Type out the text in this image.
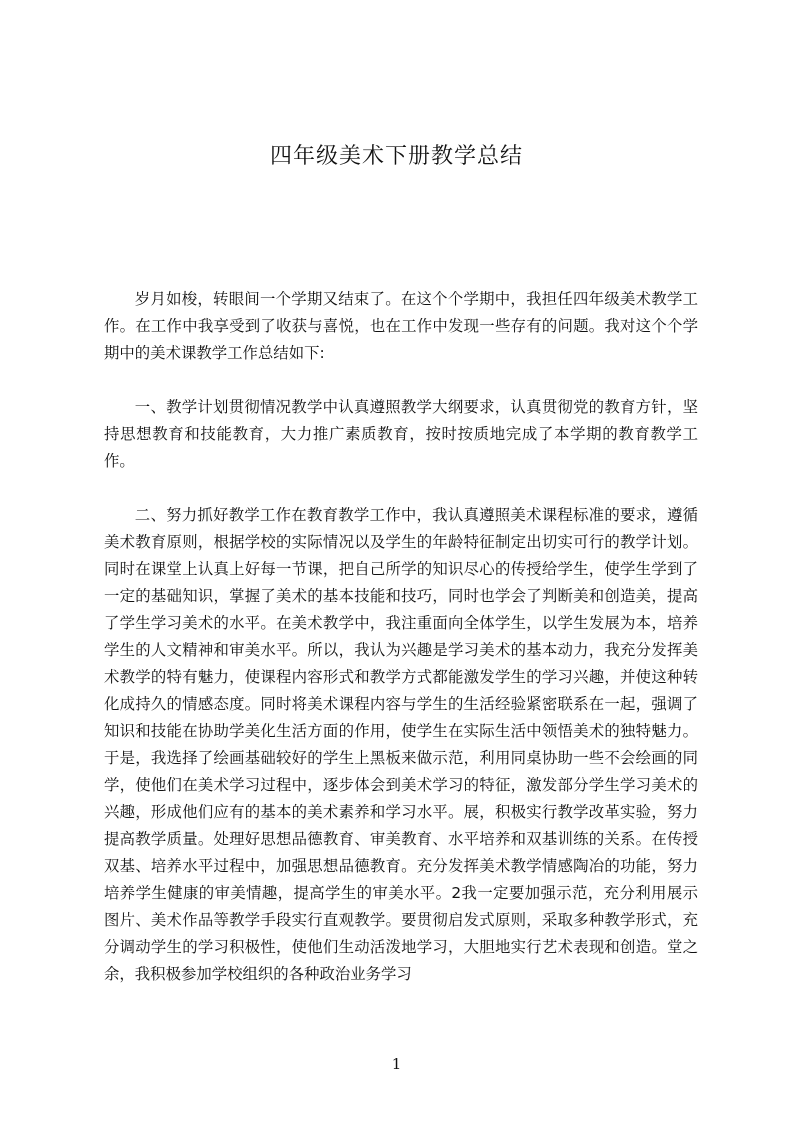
四年级美术下册教学总结

岁月如梭，转眼间一个学期又结束了。在这个个学期中，我担任四年级美术教学工作。在工作中我享受到了收获与喜悦，也在工作中发现一些存有的问题。我对这个个学期中的美术课教学工作总结如下:

一、教学计划贯彻情况教学中认真遵照教学大纲要求，认真贯彻党的教育方针，坚持思想教育和技能教育，大力推广素质教育，按时按质地完成了本学期的教育教学工作。

二、努力抓好教学工作在教育教学工作中，我认真遵照美术课程标准的要求，遵循美术教育原则，根据学校的实际情况以及学生的年龄特征制定出切实可行的教学计划。同时在课堂上认真上好每一节课，把自己所学的知识尽心的传授给学生，使学生学到了一定的基础知识，掌握了美术的基本技能和技巧，同时也学会了判断美和创造美，提高了学生学习美术的水平。在美术教学中，我注重面向全体学生，以学生发展为本，培养学生的人文精神和审美水平。所以，我认为兴趣是学习美术的基本动力，我充分发挥美术教学的特有魅力，使课程内容形式和教学方式都能激发学生的学习兴趣，并使这种转化成持久的情感态度。同时将美术课程内容与学生的生活经验紧密联系在一起，强调了知识和技能在协助学美化生活方面的作用，使学生在实际生活中领悟美术的独特魅力。于是，我选择了绘画基础较好的学生上黑板来做示范，利用同桌协助一些不会绘画的同学，使他们在美术学习过程中，逐步体会到美术学习的特征，激发部分学生学习美术的兴趣，形成他们应有的基本的美术素养和学习水平。展，积极实行教学改革实验，努力提高教学质量。处理好思想品德教育、审美教育、水平培养和双基训练的关系。在传授双基、培养水平过程中，加强思想品德教育。充分发挥美术教学情感陶冶的功能，努力培养学生健康的审美情趣，提高学生的审美水平。2我一定要加强示范，充分利用展示图片、美术作品等教学手段实行直观教学。要贯彻启发式原则，采取多种教学形式，充分调动学生的学习积极性，使他们生动活泼地学习，大胆地实行艺术表现和创造。堂之余，我积极参加学校组织的各种政治业务学习

1
